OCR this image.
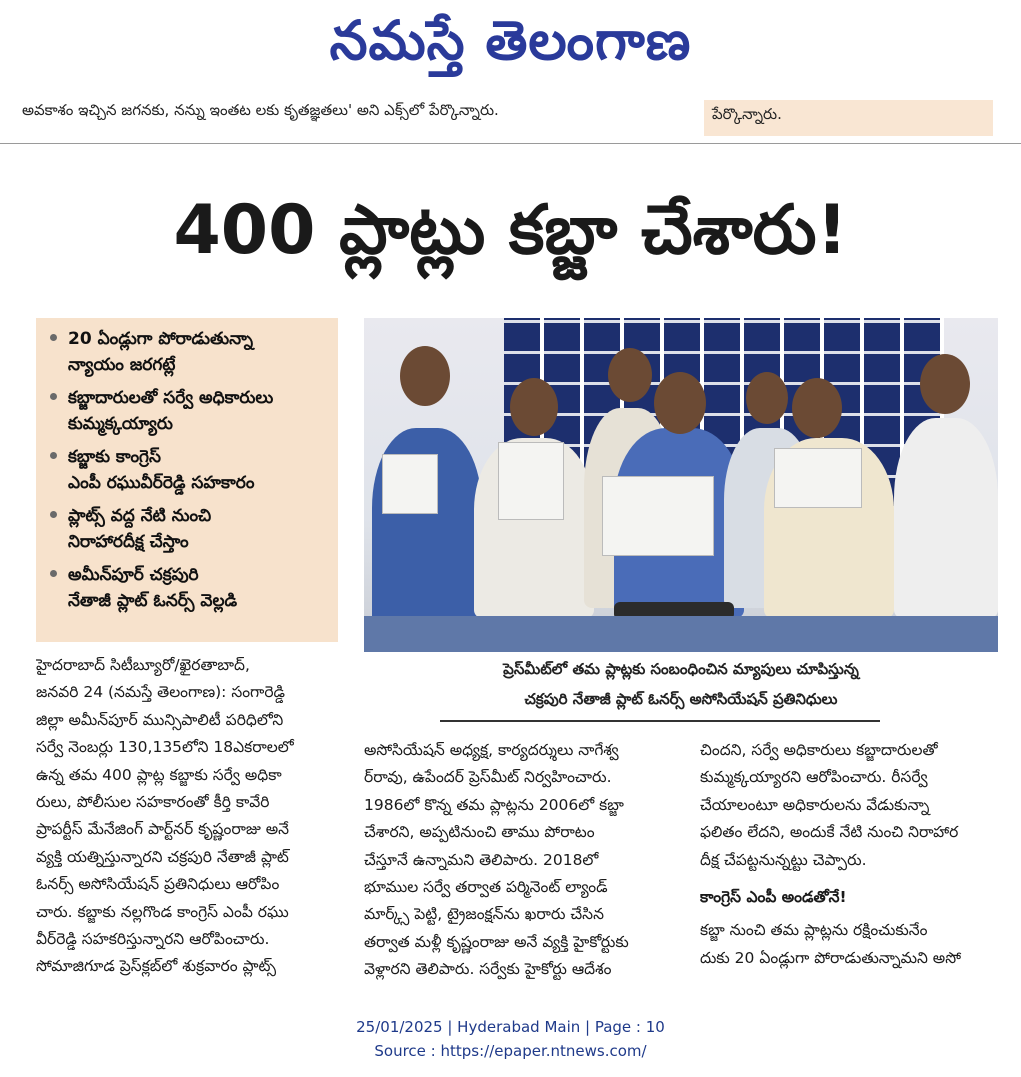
నమస్తే తెలంగాణ
అవకాశం ఇచ్చిన జగనకు, నన్ను ఇంతట లకు కృతజ్ఞతలు' అని ఎక్స్‌లో పేర్కొన్నారు.	పేర్కొన్నారు.
400 ప్లాట్లు కబ్జా చేశారు!
20 ఏండ్లుగా పోరాడుతున్నా
న్యాయం జరగట్లే
కబ్జాదారులతో సర్వే అధికారులు
కుమ్మక్కయ్యారు
కబ్జాకు కాంగ్రెస్
ఎంపీ రఘువీర్‌రెడ్డి సహకారం
ప్లాట్స్ వద్ద నేటి నుంచి
నిరాహారదీక్ష చేస్తాం
అమీన్‌పూర్ చక్రపురి
నేతాజీ ప్లాట్ ఓనర్స్ వెల్లడి
ప్రెస్‌మీట్‌లో తమ ప్లాట్లకు సంబంధించిన మ్యాపులు చూపిస్తున్న
చక్రపురి నేతాజీ ప్లాట్ ఓనర్స్ అసోసియేషన్ ప్రతినిధులు
హైదరాబాద్ సిటీబ్యూరో/ఖైరతాబాద్,
జనవరి 24 (నమస్తే తెలంగాణ): సంగారెడ్డి
జిల్లా అమీన్‌పూర్ మున్సిపాలిటీ పరిధిలోని
సర్వే నెంబర్లు 130,135లోని 18ఎకరాలలో
ఉన్న తమ 400 ప్లాట్ల కబ్జాకు సర్వే అధికా
రులు, పోలీసుల సహకారంతో కీర్తి కావేరి
ప్రాపర్టీస్ మేనేజింగ్ పార్ట్‌నర్ కృష్ణంరాజు అనే
వ్యక్తి యత్నిస్తున్నారని చక్రపురి నేతాజీ ప్లాట్
ఓనర్స్ అసోసియేషన్ ప్రతినిధులు ఆరోపిం
చారు. కబ్జాకు నల్లగొండ కాంగ్రెస్ ఎంపీ రఘు
వీర్‌రెడ్డి సహకరిస్తున్నారని ఆరోపించారు.
సోమాజిగూడ ప్రెస్‌క్లబ్‌లో శుక్రవారం ప్లాట్స్
అసోసియేషన్ అధ్యక్ష, కార్యదర్శులు నాగేశ్వ
ర్‌రావు, ఉపేందర్ ప్రెస్‌మీట్ నిర్వహించారు.
1986లో కొన్న తమ ప్లాట్లను 2006లో కబ్జా
చేశారని, అప్పటినుంచి తాము పోరాటం
చేస్తూనే ఉన్నామని తెలిపారు. 2018లో
భూముల సర్వే తర్వాత పర్మినెంట్ ల్యాండ్
మార్క్స్ పెట్టి, ట్రైజంక్షన్‌ను ఖరారు చేసిన
తర్వాత మళ్లీ కృష్ణంరాజు అనే వ్యక్తి హైకోర్టుకు
వెళ్లారని తెలిపారు. సర్వేకు హైకోర్టు ఆదేశం
చిందని, సర్వే అధికారులు కబ్జాదారులతో
కుమ్మక్కయ్యారని ఆరోపించారు. రీసర్వే
చేయాలంటూ అధికారులను వేడుకున్నా
ఫలితం లేదని, అందుకే నేటి నుంచి నిరాహార
దీక్ష చేపట్టనున్నట్టు చెప్పారు.
కాంగ్రెస్ ఎంపీ అండతోనే!
కబ్జా నుంచి తమ ప్లాట్లను రక్షించుకునేం
దుకు 20 ఏండ్లుగా పోరాడుతున్నామని అసో
25/01/2025 | Hyderabad Main | Page : 10
Source : https://epaper.ntnews.com/
